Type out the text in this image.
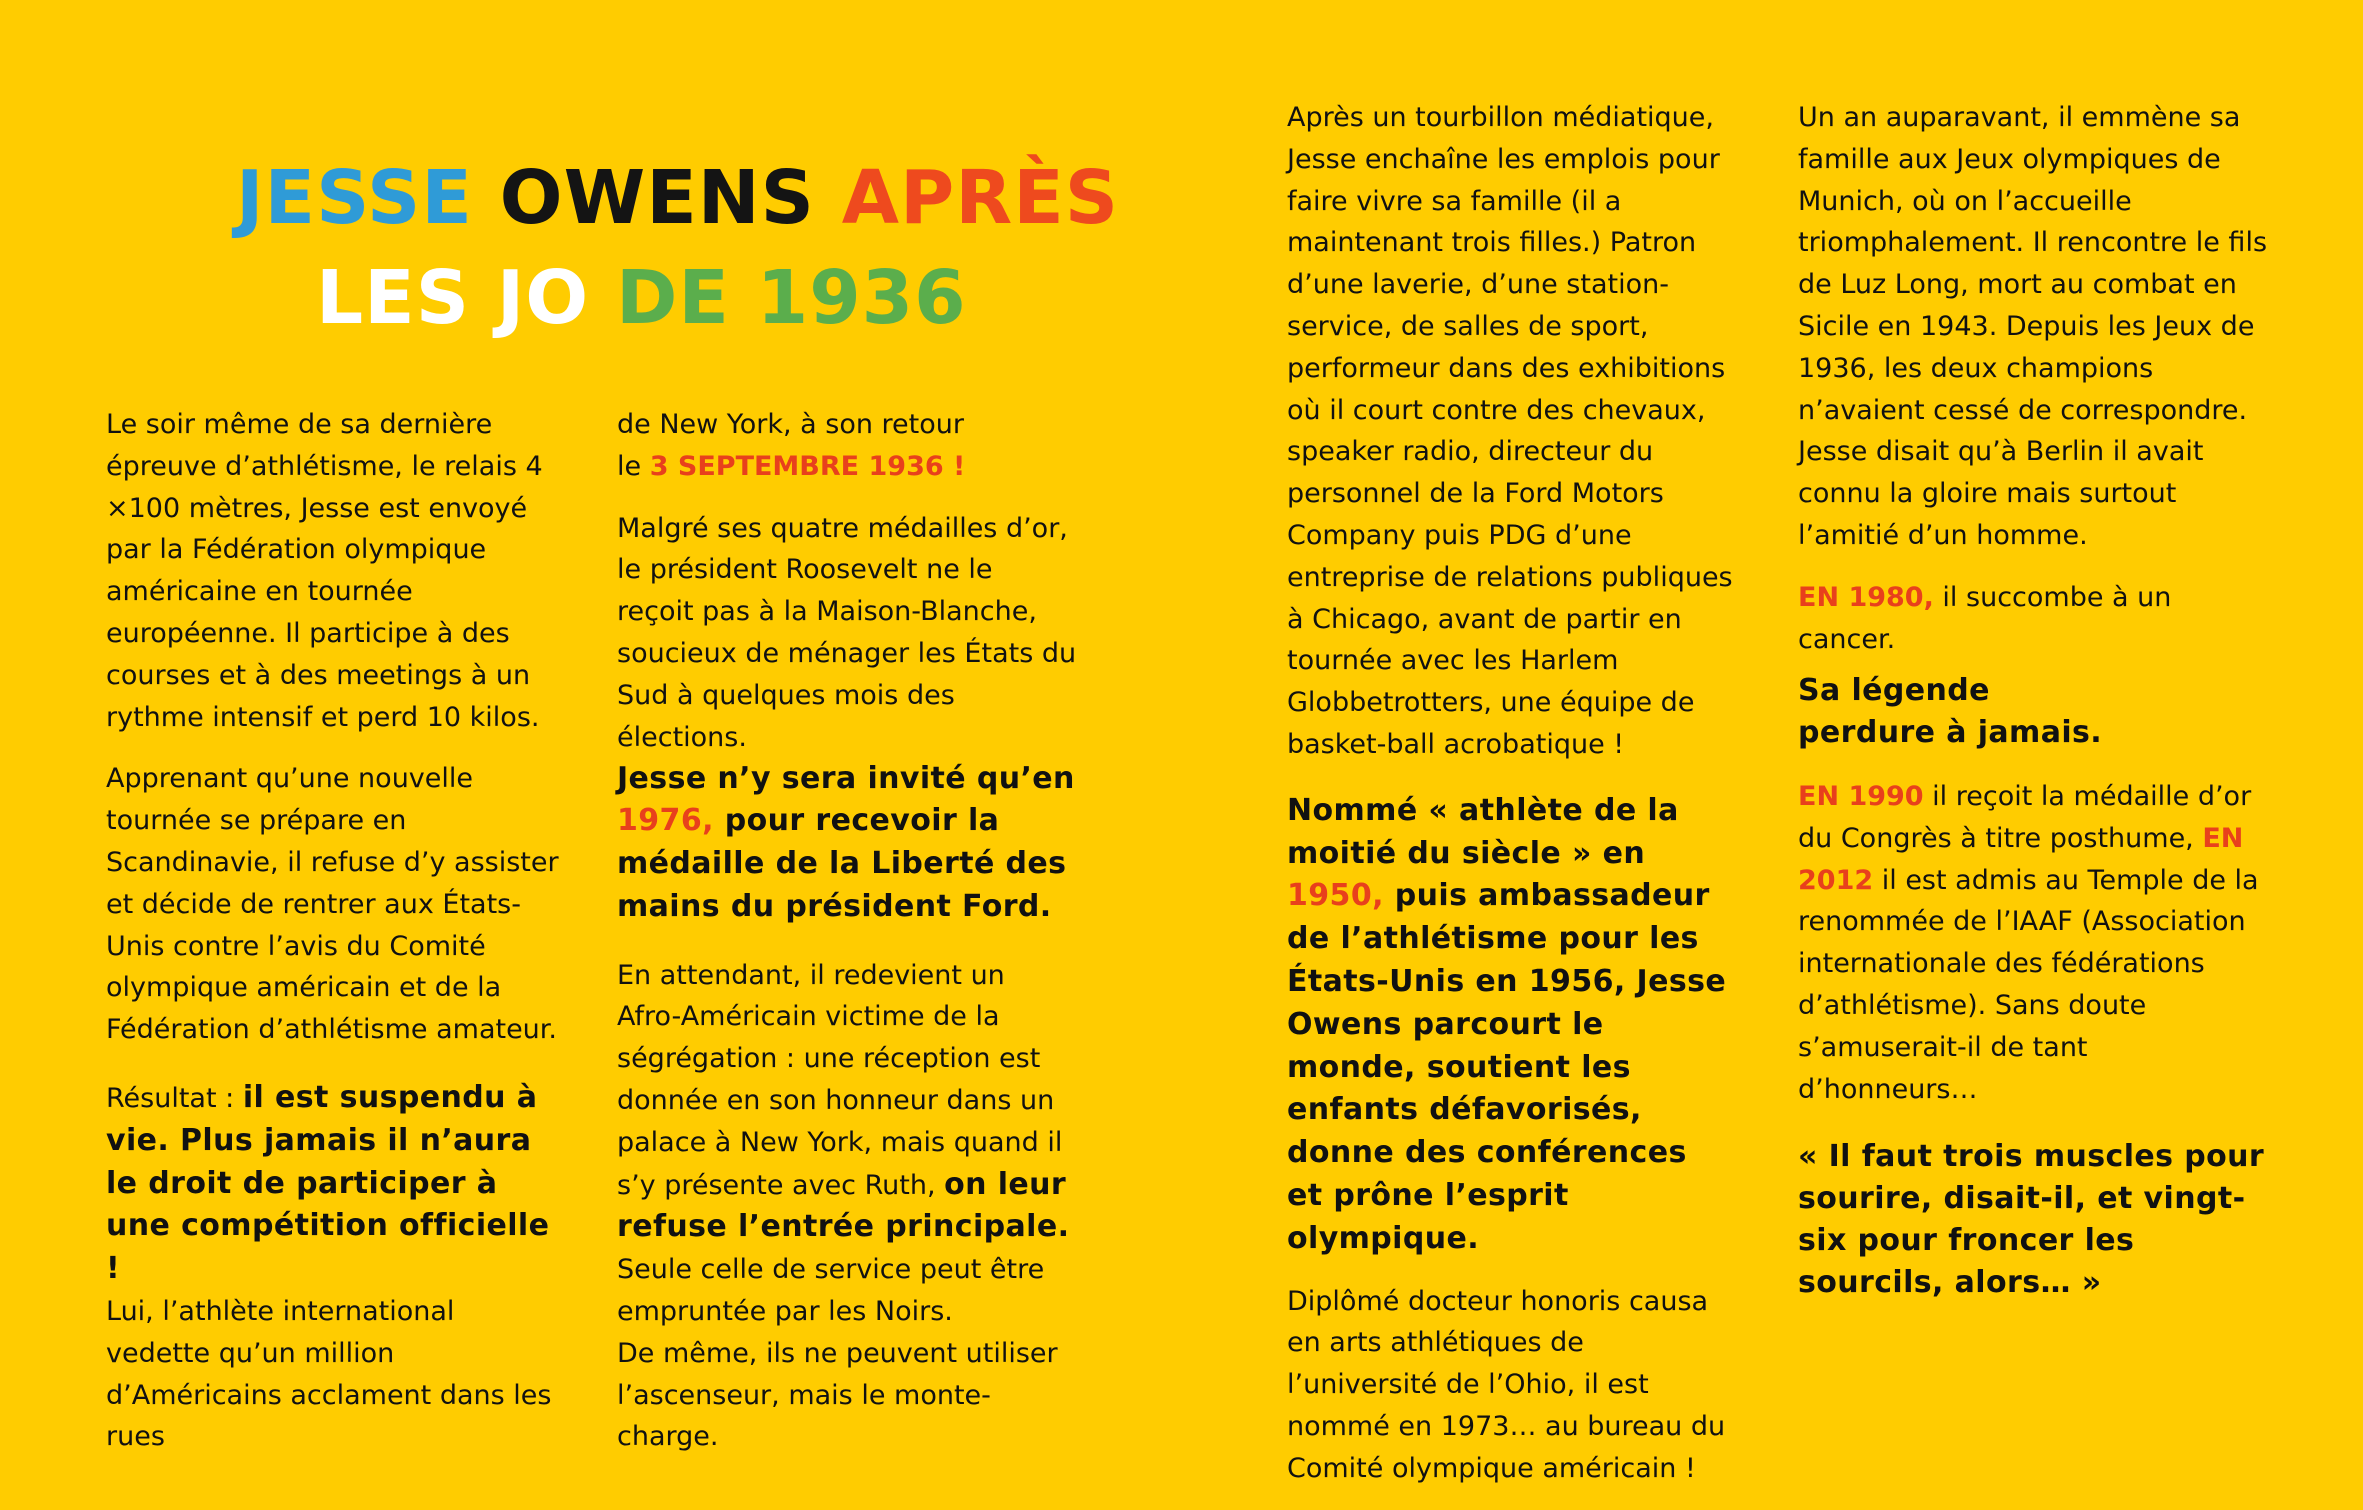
JESSE OWENS APRÈS
LES JO DE 1936

Le soir même de sa dernière épreuve d’athlétisme, le relais 4 ×100 mètres, Jesse est envoyé par la Fédération olympique américaine en tournée européenne. Il participe à des courses et à des meetings à un rythme intensif et perd 10 kilos.

Apprenant qu’une nouvelle tournée se prépare en Scandinavie, il refuse d’y assister et décide de rentrer aux États-Unis contre l’avis du Comité olympique américain et de la Fédération d’athlétisme amateur.

Résultat : il est suspendu à vie. Plus jamais il n’aura le droit de participer à une compétition officielle !
Lui, l’athlète international vedette qu’un million d’Américains acclament dans les rues

de New York, à son retour
le 3 SEPTEMBRE 1936 !

Malgré ses quatre médailles d’or, le président Roosevelt ne le reçoit pas à la Maison-Blanche, soucieux de ménager les États du Sud à quelques mois des élections.
Jesse n’y sera invité qu’en
1976, pour recevoir la médaille de la Liberté des mains du président Ford.

En attendant, il redevient un Afro-Américain victime de la ségrégation : une réception est donnée en son honneur dans un palace à New York, mais quand il s’y présente avec Ruth, on leur refuse l’entrée principale.
Seule celle de service peut être empruntée par les Noirs.
De même, ils ne peuvent utiliser l’ascenseur, mais le monte-charge.

Après un tourbillon médiatique, Jesse enchaîne les emplois pour faire vivre sa famille (il a maintenant trois filles.) Patron d’une laverie, d’une station-service, de salles de sport, performeur dans des exhibitions où il court contre des chevaux, speaker radio, directeur du personnel de la Ford Motors Company puis PDG d’une entreprise de relations publiques à Chicago, avant de partir en tournée avec les Harlem Globbetrotters, une équipe de basket-ball acrobatique !

Nommé « athlète de la moitié du siècle » en 1950, puis ambassadeur de l’athlétisme pour les États-Unis en 1956, Jesse Owens parcourt le monde, soutient les enfants défavorisés, donne des conférences et prône l’esprit olympique.

Diplômé docteur honoris causa en arts athlétiques de l’université de l’Ohio, il est nommé en 1973… au bureau du Comité olympique américain !

Un an auparavant, il emmène sa famille aux Jeux olympiques de Munich, où on l’accueille triomphalement. Il rencontre le fils de Luz Long, mort au combat en Sicile en 1943. Depuis les Jeux de 1936, les deux champions n’avaient cessé de correspondre. Jesse disait qu’à Berlin il avait connu la gloire mais surtout l’amitié d’un homme.

EN 1980, il succombe à un cancer.

Sa légende perdure à jamais.

EN 1990 il reçoit la médaille d’or du Congrès à titre posthume, EN 2012 il est admis au Temple de la renommée de l’IAAF (Association internationale des fédérations d’athlétisme). Sans doute s’amuserait-il de tant d’honneurs…

« Il faut trois muscles pour sourire, disait-il, et vingt-six pour froncer les sourcils, alors… »
